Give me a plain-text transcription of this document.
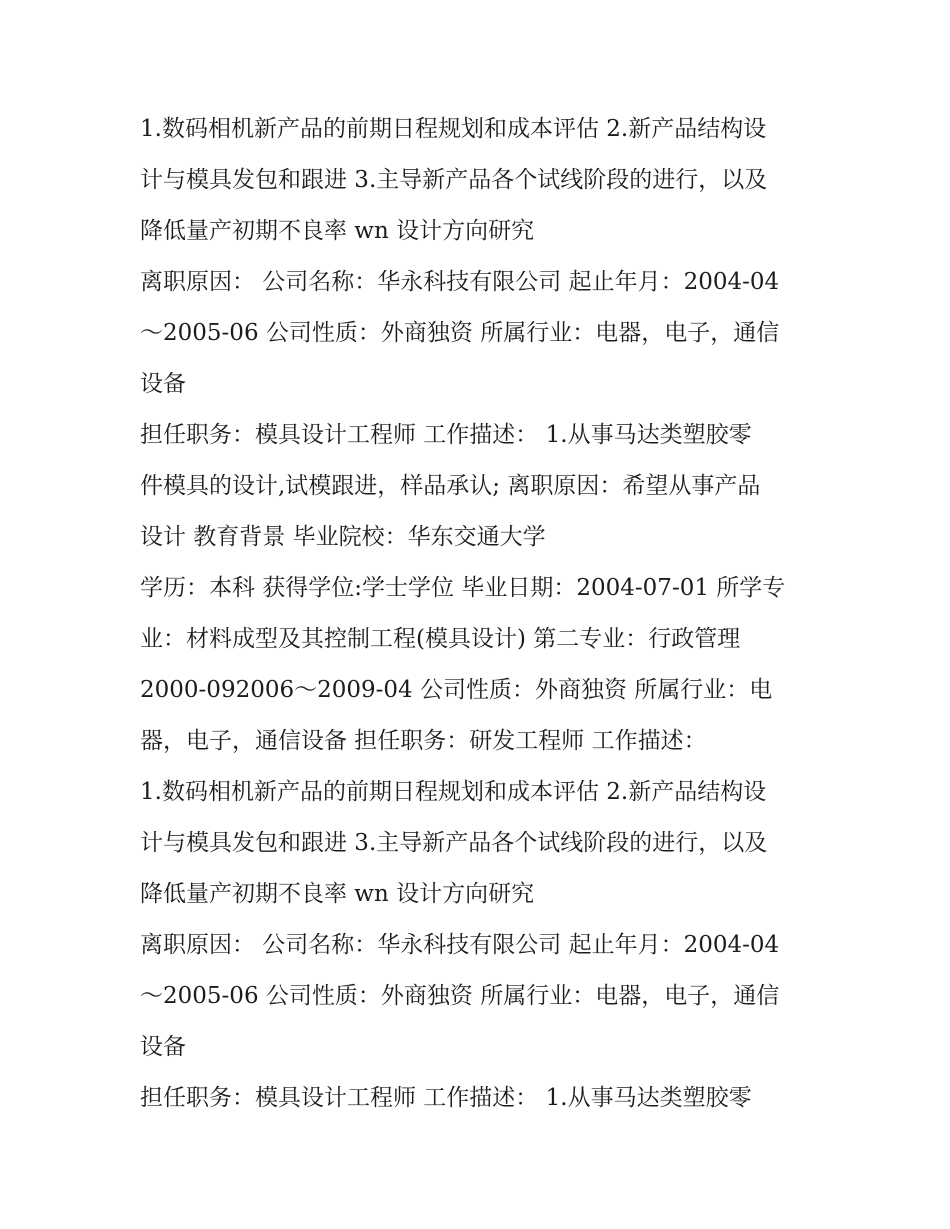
1.数码相机新产品的前期日程规划和成本评估 2.新产品结构设
计与模具发包和跟进 3.主导新产品各个试线阶段的进行，以及
降低量产初期不良率 wn 设计方向研究
离职原因： 公司名称：华永科技有限公司 起止年月：2004-04
～2005-06 公司性质：外商独资 所属行业：电器，电子，通信
设备
担任职务：模具设计工程师 工作描述： 1.从事马达类塑胶零
件模具的设计,试模跟进，样品承认; 离职原因：希望从事产品
设计 教育背景 毕业院校：华东交通大学
学历：本科 获得学位:学士学位 毕业日期：2004-07-01 所学专
业：材料成型及其控制工程(模具设计) 第二专业：行政管理
2000-092006～2009-04 公司性质：外商独资 所属行业：电
器，电子，通信设备 担任职务：研发工程师 工作描述：
1.数码相机新产品的前期日程规划和成本评估 2.新产品结构设
计与模具发包和跟进 3.主导新产品各个试线阶段的进行，以及
降低量产初期不良率 wn 设计方向研究
离职原因： 公司名称：华永科技有限公司 起止年月：2004-04
～2005-06 公司性质：外商独资 所属行业：电器，电子，通信
设备
担任职务：模具设计工程师 工作描述： 1.从事马达类塑胶零
